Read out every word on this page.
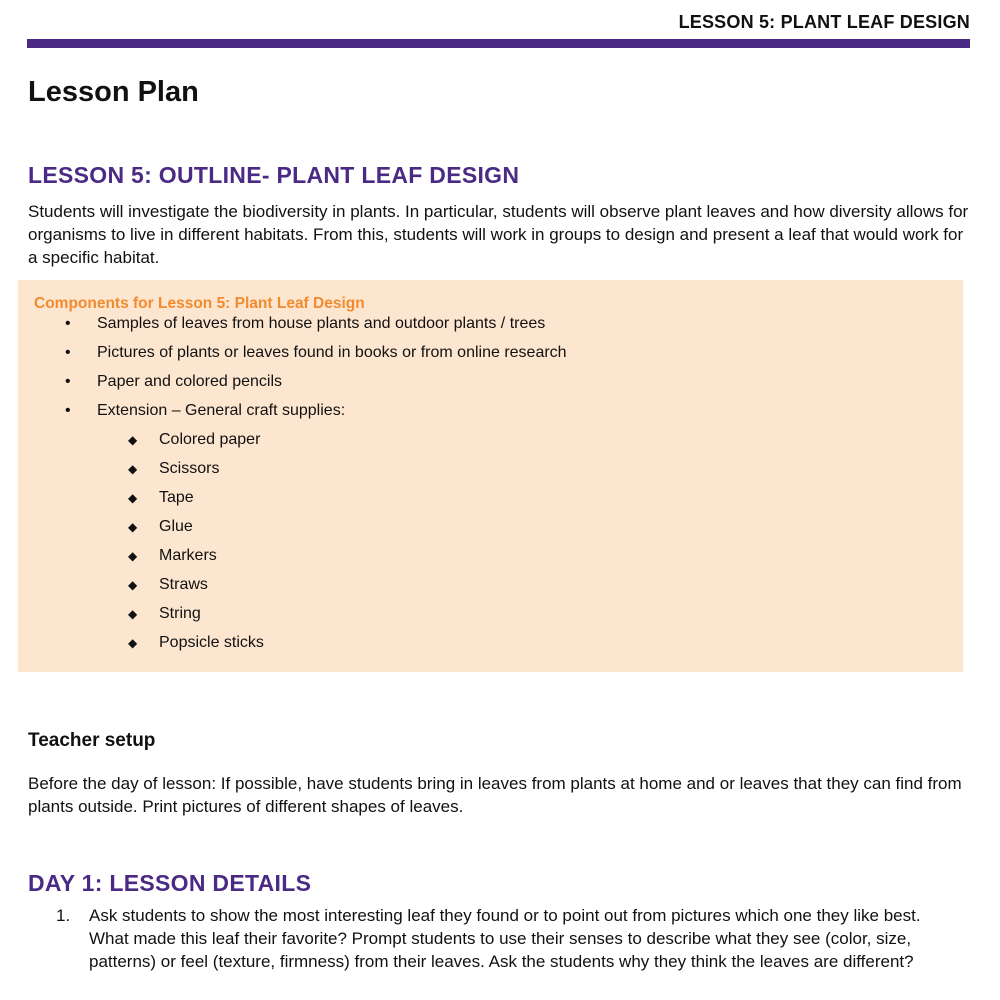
LESSON 5: PLANT LEAF DESIGN
Lesson Plan
LESSON 5: OUTLINE- PLANT LEAF DESIGN

Students will investigate the biodiversity in plants. In particular, students will observe plant leaves and how diversity allows for organisms to live in different habitats. From this, students will work in groups to design and present a leaf that would work for a specific habitat.

Components for Lesson 5: Plant Leaf Design
• Samples of leaves from house plants and outdoor plants / trees
• Pictures of plants or leaves found in books or from online research
• Paper and colored pencils
• Extension – General craft supplies:
◆ Colored paper
◆ Scissors
◆ Tape
◆ Glue
◆ Markers
◆ Straws
◆ String
◆ Popsicle sticks
Teacher setup

Before the day of lesson: If possible, have students bring in leaves from plants at home and or leaves that they can find from plants outside. Print pictures of different shapes of leaves.

DAY 1: LESSON DETAILS
1. Ask students to show the most interesting leaf they found or to point out from pictures which one they like best. What made this leaf their favorite? Prompt students to use their senses to describe what they see (color, size, patterns) or feel (texture, firmness) from their leaves. Ask the students why they think the leaves are different?
